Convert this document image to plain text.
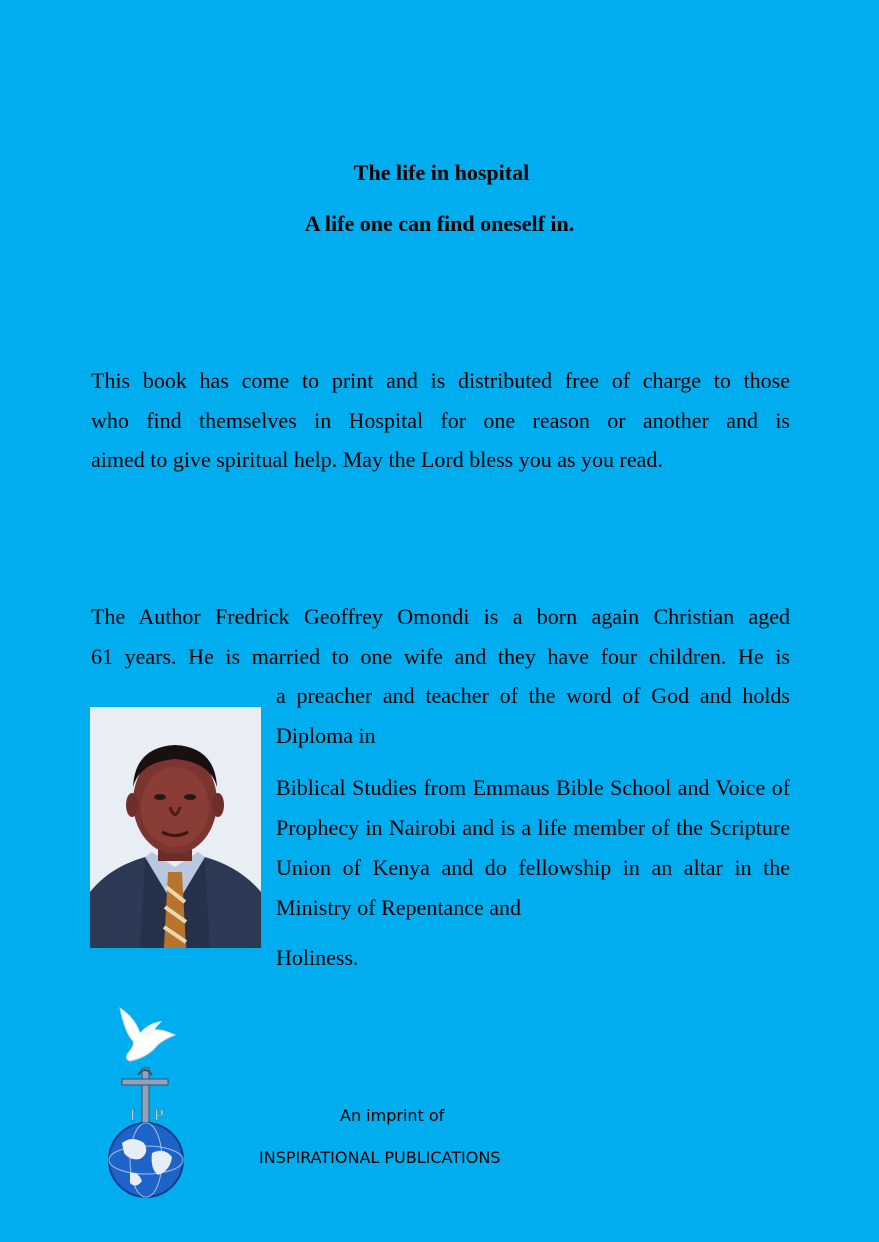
The life in hospital
A life one can find oneself in.
This book has come to print and is distributed free of charge to those
who find themselves in Hospital for one reason or another and is
aimed to give spiritual help. May the Lord bless you as you read.
The Author Fredrick Geoffrey Omondi is a born again Christian aged
61 years. He is married to one wife and they have four children. He is
a preacher and teacher of the word of God and holds Diploma in
Biblical Studies from Emmaus Bible School and Voice of Prophecy in Nairobi and is a life member of the Scripture Union of Kenya and do fellowship in an altar in the Ministry of Repentance and
Holiness.
I P	An imprint of

INSPIRATIONAL PUBLICATIONS
